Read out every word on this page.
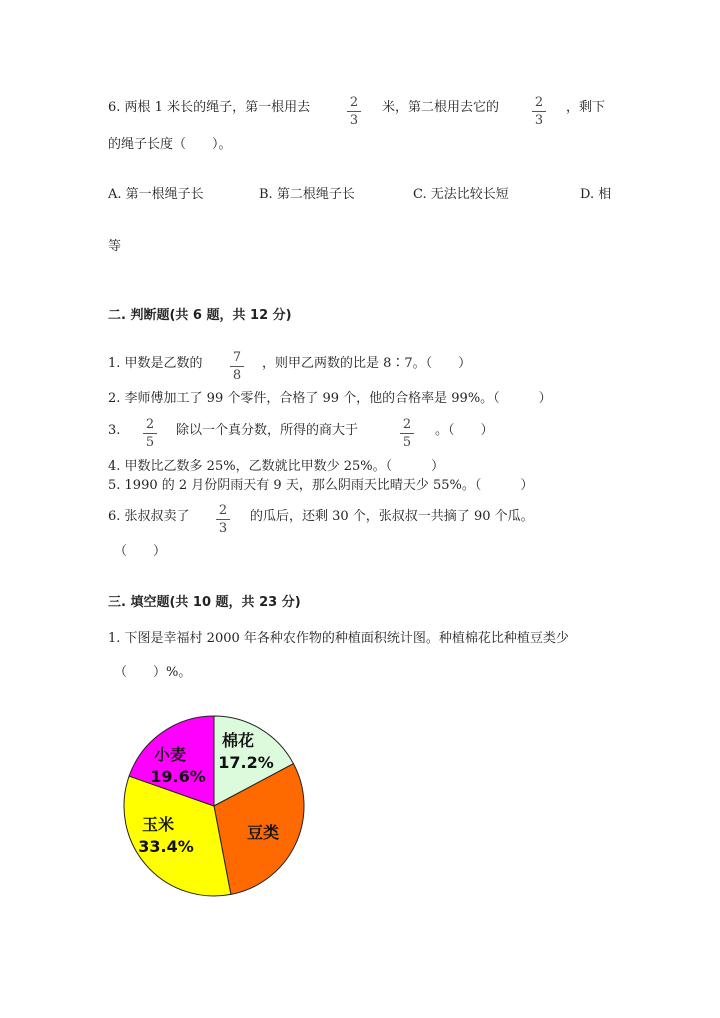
6. 两根 1 米长的绳子，第一根用去	2
3
米，第二根用去它的	2
3
，剩下
的绳子长度（　　）。
A. 第一根绳子长	B. 第二根绳子长	C. 无法比较长短	D. 相
等
二. 判断题(共 6 题，共 12 分)
1. 甲数是乙数的 7
8
，则甲乙两数的比是 8∶7。（　　）
2. 李师傅加工了 99 个零件，合格了 99 个，他的合格率是 99%。（　　　）
3. 2
5
除以一个真分数，所得的商大于	2
5
。（　　）
4. 甲数比乙数多 25%，乙数就比甲数少 25%。（　　　）
5. 1990 的 2 月份阴雨天有 9 天，那么阴雨天比晴天少 55%。（　　　）
6. 张叔叔卖了 2
3
的瓜后，还剩 30 个，张叔叔一共摘了 90 个瓜。
（　　）
三. 填空题(共 10 题，共 23 分)
1. 下图是幸福村 2000 年各种农作物的种植面积统计图。种植棉花比种植豆类少
（　　）%。
棉花
17.2%
豆类
玉米
33.4%
小麦
19.6%
